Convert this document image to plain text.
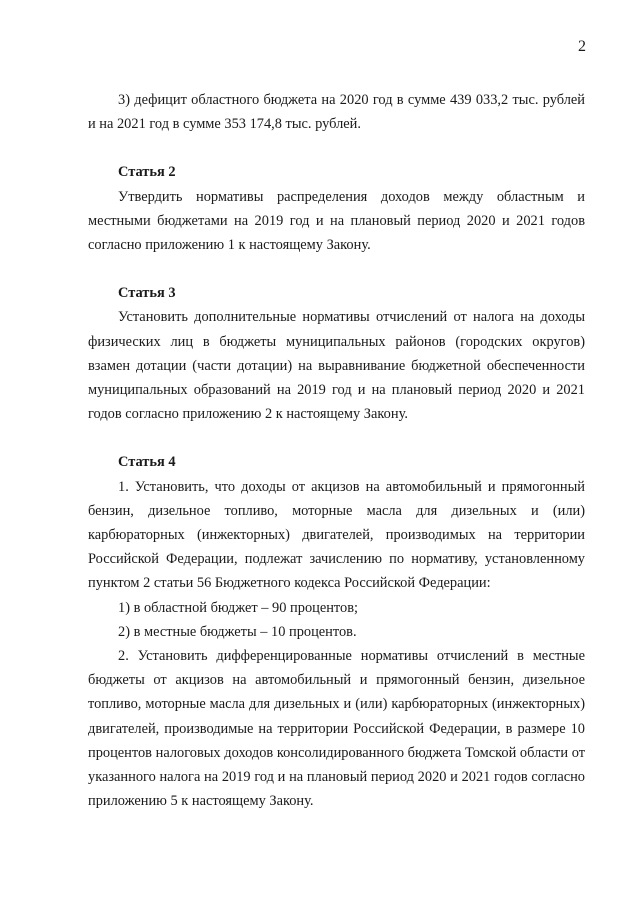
2

3) дефицит областного бюджета на 2020 год в сумме 439 033,2 тыс. рублей и на 2021 год в сумме 353 174,8 тыс. рублей.

Статья 2

Утвердить нормативы распределения доходов между областным и местными бюджетами на 2019 год и на плановый период 2020 и 2021 годов согласно приложению 1 к настоящему Закону.

Статья 3

Установить дополнительные нормативы отчислений от налога на доходы физических лиц в бюджеты муниципальных районов (городских округов) взамен дотации (части дотации) на выравнивание бюджетной обеспеченности муниципальных образований на 2019 год и на плановый период 2020 и 2021 годов согласно приложению 2 к настоящему Закону.

Статья 4

1. Установить, что доходы от акцизов на автомобильный и прямогонный бензин, дизельное топливо, моторные масла для дизельных и (или) карбюраторных (инжекторных) двигателей, производимых на территории Российской Федерации, подлежат зачислению по нормативу, установленному пунктом 2 статьи 56 Бюджетного кодекса Российской Федерации:

1) в областной бюджет – 90 процентов;

2) в местные бюджеты – 10 процентов.

2. Установить дифференцированные нормативы отчислений в местные бюджеты от акцизов на автомобильный и прямогонный бензин, дизельное топливо, моторные масла для дизельных и (или) карбюраторных (инжекторных) двигателей, производимые на территории Российской Федерации, в размере 10 процентов налоговых доходов консолидированного бюджета Томской области от указанного налога на 2019 год и на плановый период 2020 и 2021 годов согласно приложению 5 к настоящему Закону.
